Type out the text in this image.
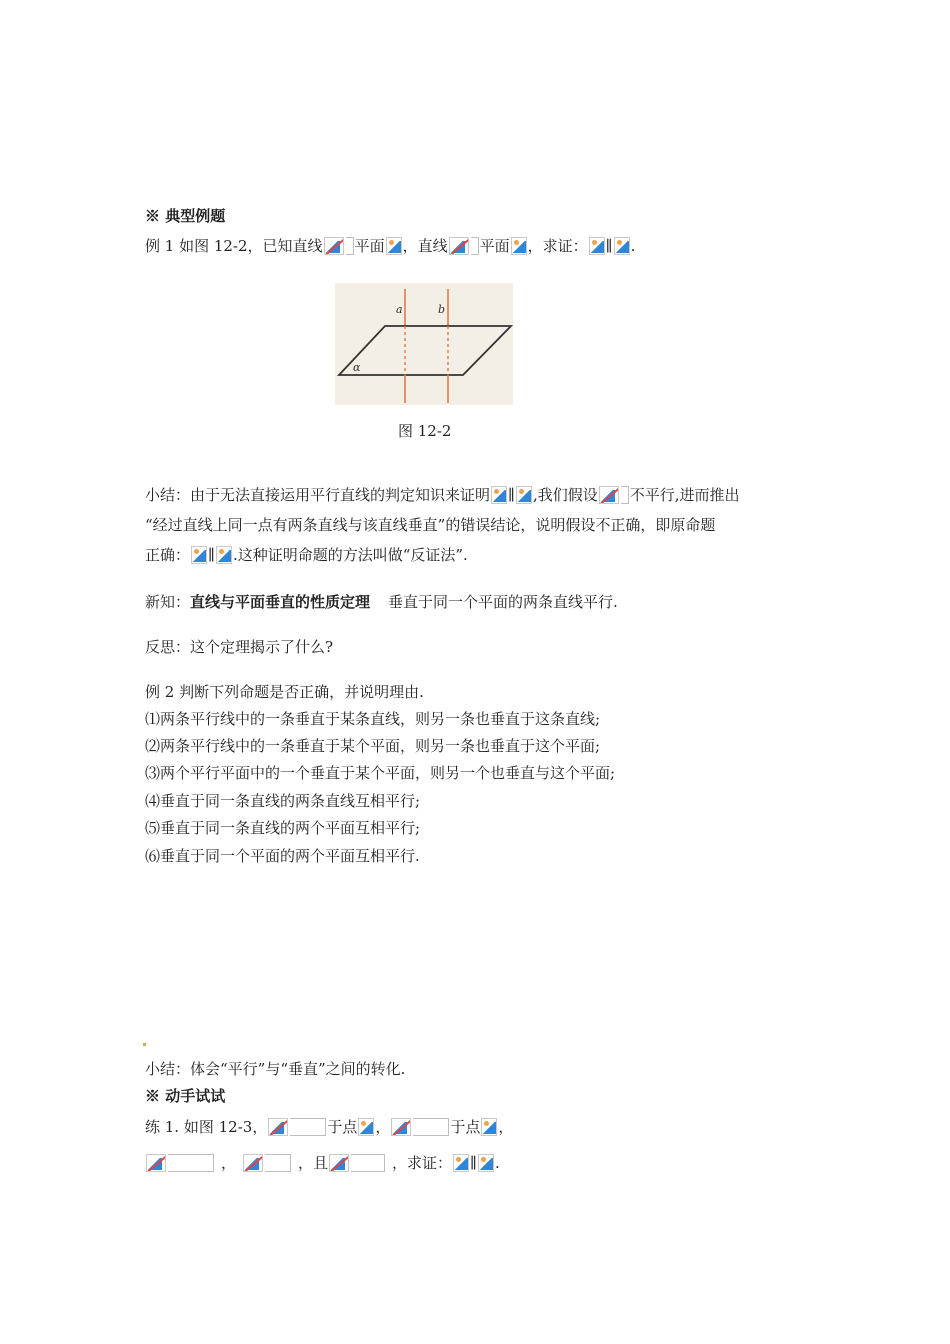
※ 典型例题
例 1 如图 12-2，已知直线 平面 ，直线 平面 ，求证： ∥ .
a	b
α
图 12-2
小结：由于无法直接运用平行直线的判定知识来证明 ∥ ,我们假设 不平行,进而推出
“经过直线上同一点有两条直线与该直线垂直”的错误结论，说明假设不正确，即原命题
正确： ∥ .这种证明命题的方法叫做“反证法”.
新知：直线与平面垂直的性质定理 垂直于同一个平面的两条直线平行.
反思：这个定理揭示了什么?
例 2 判断下列命题是否正确，并说明理由.
⑴两条平行线中的一条垂直于某条直线，则另一条也垂直于这条直线;
⑵两条平行线中的一条垂直于某个平面，则另一条也垂直于这个平面;
⑶两个平行平面中的一个垂直于某个平面，则另一个也垂直与这个平面;
⑷垂直于同一条直线的两条直线互相平行;
⑸垂直于同一条直线的两个平面互相平行;
⑹垂直于同一个平面的两个平面互相平行.
小结：体会“平行”与“垂直”之间的转化.
※ 动手试试
练 1. 如图 12-3，	于点 ，	于点 ，
，	，且	，求证： ∥ .
